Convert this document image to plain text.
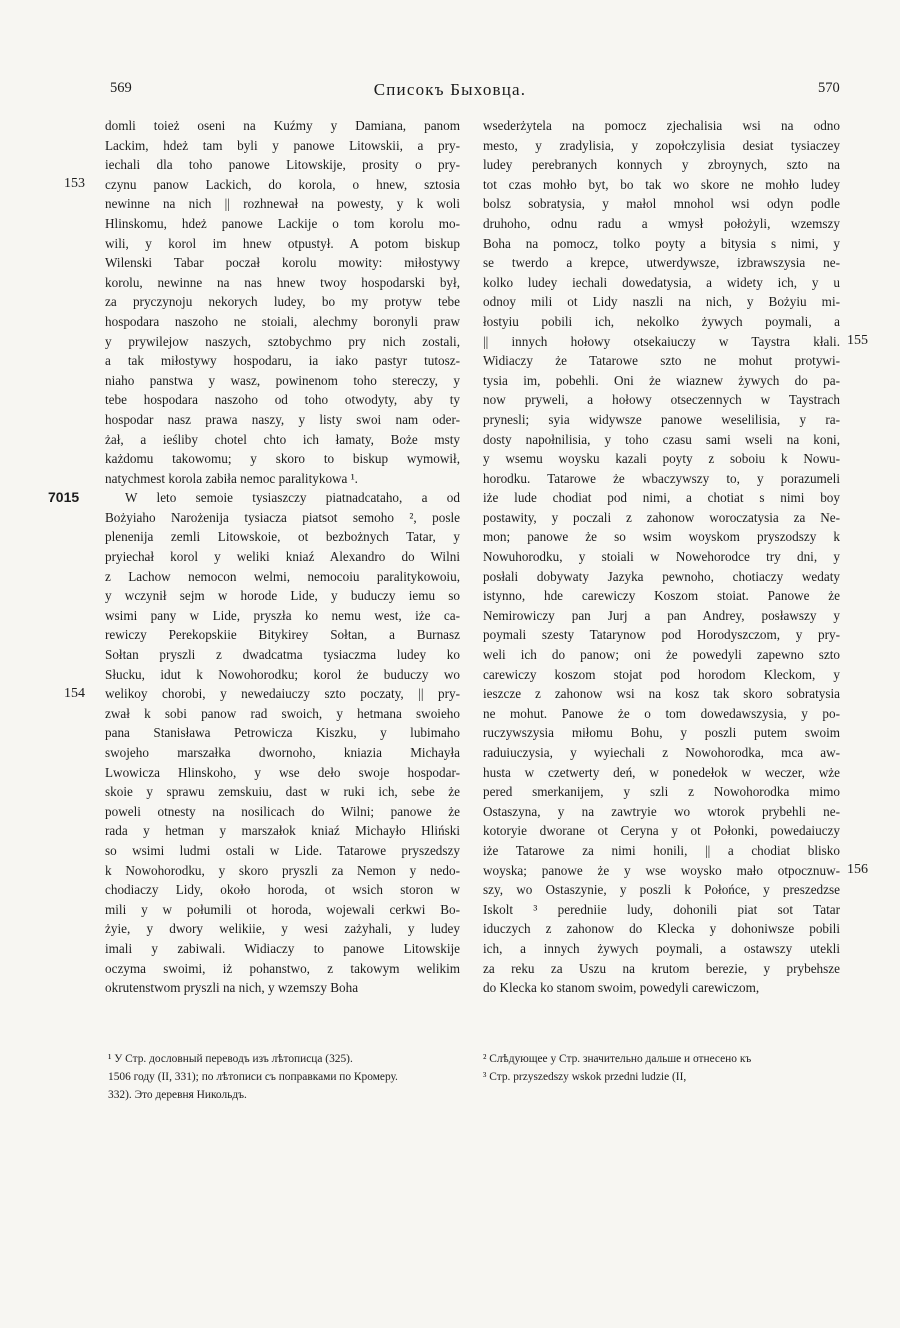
569	Списокъ Быховца.	570
153
7015
154
155
156
domli toież oseni na Kuźmy y Damiana, panom
Lackim, hdeż tam byli y panowe Litowskii, a pry-
iechali dla toho panowe Litowskije, prosity o pry-
czynu panow Lackich, do korola, o hnew, sztosia
newinne na nich || rozhnewał na powesty, y k woli
Hlinskomu, hdeż panowe Lackije o tom korolu mo-
wili, y korol im hnew otpustył. A potom biskup
Wilenski Tabar poczał korolu mowity: miłostywy
korolu, newinne na nas hnew twoy hospodarski był,
za pryczynoju nekorych ludey, bo my protyw tebe
hospodara naszoho ne stoiali, alechmy boronyli praw
y prywilejow naszych, sztobychmo pry nich zostali,
a tak miłostywy hospodaru, ia iako pastyr tutosz-
niaho panstwa y wasz, powinenom toho stereczy, y
tebe hospodara naszoho od toho otwodyty, aby ty
hospodar nasz prawa naszy, y listy swoi nam oder-
żał, a ieśliby chotel chto ich łamaty, Boże msty
każdomu takowomu; y skoro to biskup wymowił,
natychmest korola zabiła nemoc paralitykowa ¹.
W leto semoie tysiaszczy piatnadcataho, a od
Bożyiaho Narożenija tysiacza piatsot semoho ², posle
plenenija zemli Litowskoie, ot bezbożnych Tatar, y
pryiechał korol y weliki kniaź Alexandro do Wilni
z Lachow nemocon welmi, nemocoiu paralitykowoiu,
y wczynił sejm w horode Lide, y buduczy iemu so
wsimi pany w Lide, pryszła ko nemu west, iże ca-
rewiczy Perekopskiie Bitykirey Sołtan, a Burnasz
Sołtan pryszli z dwadcatma tysiaczma ludey ko
Słucku, idut k Nowohorodku; korol że buduczy wo
welikoy chorobi, y newedaiuczy szto poczaty, || pry-
zwał k sobi panow rad swoich, y hetmana swoieho
pana Stanisława Petrowicza Kiszku, y lubimaho
swojeho marszałka dwornoho, kniazia Michayła
Lwowicza Hlinskoho, y wse dełо swoje hospodar-
skoie y sprawu zemskuiu, dast w ruki ich, sebe że
poweli otnesty na nosilicach do Wilni; panowe że
rada y hetman y marszałok kniaź Michayło Hliński
so wsimi ludmi ostali w Lide. Tatarowe pryszedszy
k Nowohorodku, y skoro pryszli za Nemon y nedo-
chodiaczy Lidy, około horoda, ot wsich storon w
mili y w połumili ot horoda, wojewali cerkwi Bo-
żyie, y dwory welikiie, y wesi zażyhali, y ludey
imali y zabiwali. Widiaczy to panowe Litowskije
oczyma swoimi, iż pohanstwo, z takowym welikim
okrutenstwom pryszli na nich, y wzemszy Boha
wsederżytela na pomocz zjechalisia wsi na odno
mesto, y zradylisia, y zopołczylisia desiat tysiaczey
ludey perebranych konnych y zbroynych, szto na
tot czas mohło byt, bo tak wo skore ne mohło ludey
bolsz sobratysia, y małol mnohol wsi odyn podle
druhoho, odnu radu a wmysł położyli, wzemszy
Boha na pomocz, tolko poyty a bitysia s nimi, y
se twerdo a krepce, utwerdywsze, izbrawszysia ne-
kolko ludey iechali dowedatysia, a widety ich, y u
odnoy mili ot Lidy naszli na nich, y Bożyiu mi-
łostyiu pobili ich, nekolko żywych poymali, a
|| innych hołowy otsekaiuczy w Taystra kłali.
Widiaczy że Tatarowe szto ne mohut protywi-
tysia im, pobehli. Oni że wiaznew żywych do pa-
now pryweli, a hołowy otseczennych w Taystrach
prynesli; syia widywsze panowe weselilisia, y ra-
dosty napołnilisia, y toho czasu sami wseli na koni,
y wsemu woysku kazali poyty z soboiu k Nowu-
horodku. Tatarowe że wbaczywszy to, y porazumeli
iże lude chodiat pod nimi, a chotiat s nimi boy
postawity, y poczali z zahonow woroczatysia za Ne-
mon; panowe że so wsim woyskom pryszodszy k
Nowuhorodku, y stoiali w Nowehorodce try dni, y
posłali dobywaty Jazyka pewnoho, chotiaczy wedaty
istynno, hde carewiczy Koszom stoiat. Panowe że
Nemirowiczy pan Jurj a pan Andrey, posławszy y
poymali szesty Tatarynow pod Horodyszczom, y pry-
weli ich do panow; oni że powedyli zapewno szto
carewiczy koszom stojat pod horodom Kleckom, y
ieszcze z zahonow wsi na kosz tak skoro sobratysia
ne mohut. Panowe że o tom dowedawszysia, y po-
ruczywszysia miłomu Bohu, y poszli putem swoim
raduiuczysia, y wyiechali z Nowohorodka, mca aw-
husta w czetwerty deń, w ponedełok w weczer, wże
pered smerkanijem, y szli z Nowohorodka mimo
Ostaszyna, y na zawtryie wo wtorok prybehli ne-
kotoryie dworane ot Ceryna y ot Połonki, powedaiuczy
iże Tatarowe za nimi honili, || a chodiat blisko
woyska; panowe że y wse woysko mało otpocznuw-
szy, wo Ostaszynie, y poszli k Połońce, y preszedzse
Iskolt ³ peredniie ludy, dohonili piat sot Tatar
iduczych z zahonow do Klecka y dohoniwsze pobili
ich, a innych żywych poymali, a ostawszy utekli
za reku za Uszu na krutom berezie, y prybehsze
do Klecka ko stanom swoim, powedyli carewiczom,
¹ У Стр. дословный переводъ изъ лѣтописца (325).
1506 году (II, 331); по лѣтописи съ поправками по Кромеру.
332). Это деревня Никольдъ.
² Слѣдующее у Стр. значительно дальше и отнесено къ
³ Стр. przyszedszy wskok przedni ludzie (II,
